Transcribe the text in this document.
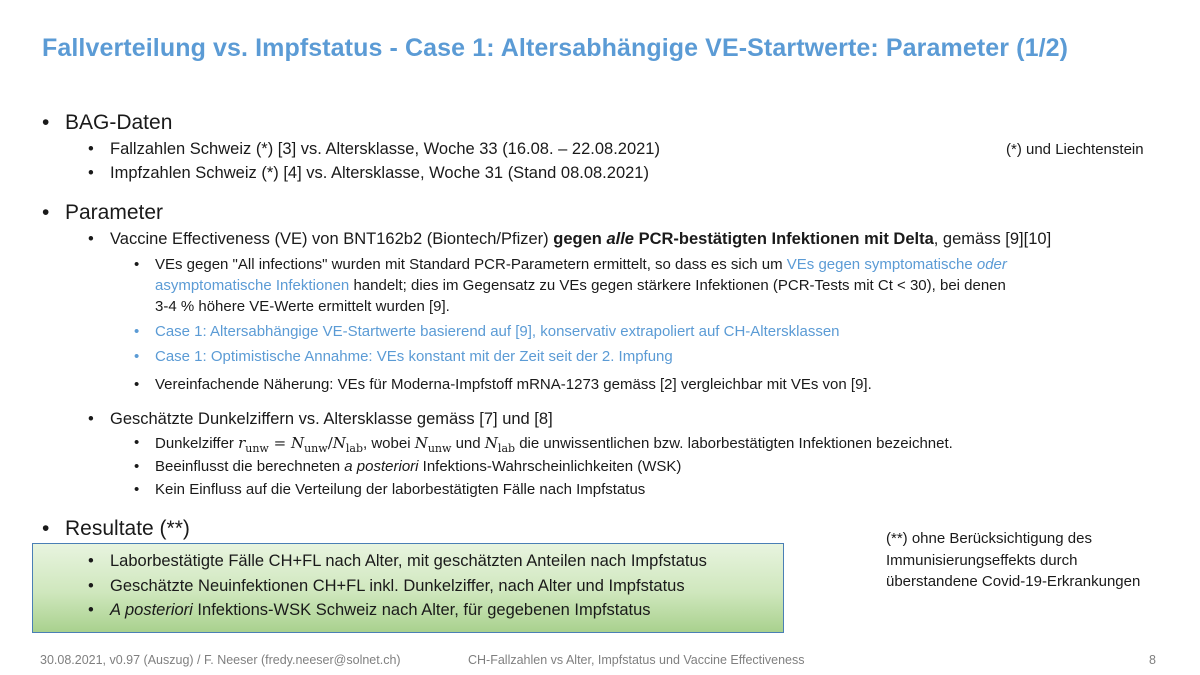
Fallverteilung vs. Impfstatus - Case 1: Altersabhängige VE-Startwerte: Parameter (1/2)
• BAG-Daten
• Fallzahlen Schweiz (*) [3] vs. Altersklasse, Woche 33 (16.08. – 22.08.2021)
• Impfzahlen Schweiz (*) [4] vs. Altersklasse, Woche 31 (Stand 08.08.2021)
(*) und Liechtenstein
• Parameter
• Vaccine Effectiveness (VE) von BNT162b2 (Biontech/Pfizer) gegen alle PCR-bestätigten Infektionen mit Delta, gemäss [9][10]
• VEs gegen "All infections" wurden mit Standard PCR-Parametern ermittelt, so dass es sich um VEs gegen symptomatische oder
asymptomatische Infektionen handelt; dies im Gegensatz zu VEs gegen stärkere Infektionen (PCR-Tests mit Ct < 30), bei denen
3-4 % höhere VE-Werte ermittelt wurden [9].
• Case 1: Altersabhängige VE-Startwerte basierend auf [9], konservativ extrapoliert auf CH-Altersklassen
• Case 1: Optimistische Annahme: VEs konstant mit der Zeit seit der 2. Impfung
• Vereinfachende Näherung: VEs für Moderna-Impfstoff mRNA-1273 gemäss [2] vergleichbar mit VEs von [9].
• Geschätzte Dunkelziffern vs. Altersklasse gemäss [7] und [8]
• Dunkelziffer $r_{unw} = N_{unw}/N_{lab}$, wobei $N_{unw}$ und $N_{lab}$ die unwissentlichen bzw. laborbestätigten Infektionen bezeichnet.
• Beeinflusst die berechneten a posteriori Infektions-Wahrscheinlichkeiten (WSK)
• Kein Einfluss auf die Verteilung der laborbestätigten Fälle nach Impfstatus
• Resultate (**)
• Laborbestätigte Fälle CH+FL nach Alter, mit geschätzten Anteilen nach Impfstatus
• Geschätzte Neuinfektionen CH+FL inkl. Dunkelziffer, nach Alter und Impfstatus
• A posteriori Infektions-WSK Schweiz nach Alter, für gegebenen Impfstatus
(**) ohne Berücksichtigung des
Immunisierungseffekts durch
überstandene Covid-19-Erkrankungen
30.08.2021, v0.97 (Auszug) / F. Neeser (fredy.neeser@solnet.ch)	CH-Fallzahlen vs Alter, Impfstatus und Vaccine Effectiveness	8
